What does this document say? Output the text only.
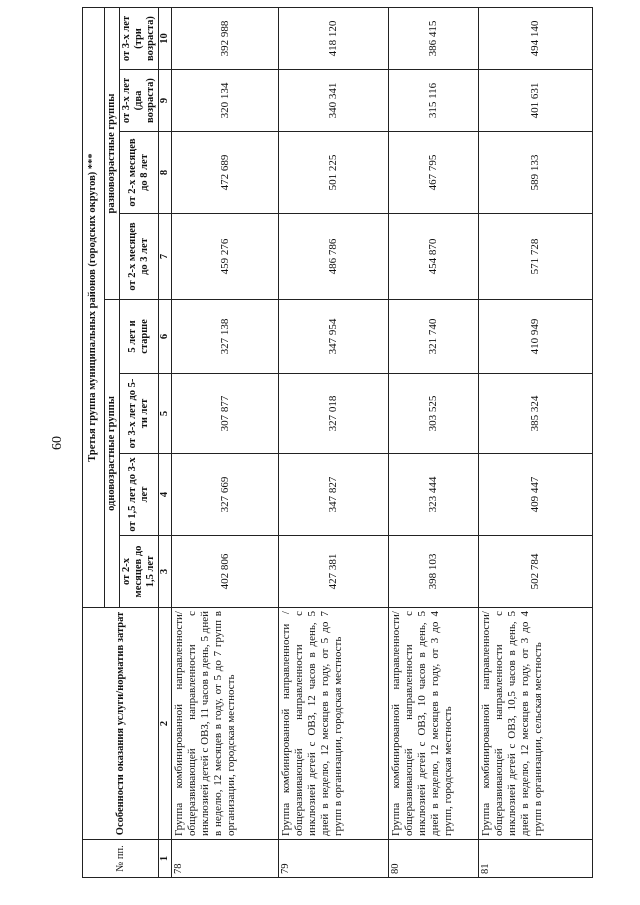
60
№ пп.	Особенности оказания услуги/норматив затрат	Третья группа муниципальных районов (городских округов) ***							
		одновозрастные группы				разновозрастные группы			
		от 2-х месяцев до 1,5 лет	от 1,5 лет до 3-х лет	от 3-х лет до 5-ти лет	5 лет и старше	от 2-х месяцев до 3 лет	от 2-х месяцев до 8 лет	от 3-х лет (два возраста)	от 3-х лет (три возраста)
1	2	3	4	5	6	7	8	9	10
78	Группа комбинированной направленности/ общеразвивающей направленности с инклюзией детей с ОВЗ, 11 часов в день, 5 дней в неделю, 12 месяцев в году, от 5 до 7 групп в организации, городская местность	402 806	327 669	307 877	327 138	459 276	472 689	320 134	392 988
79	Группа комбинированной направленности / общеразвивающей направленности с инклюзией детей с ОВЗ, 12 часов в день, 5 дней в неделю, 12 месяцев в году, от 5 до 7 групп в организации, городская местность	427 381	347 827	327 018	347 954	486 786	501 225	340 341	418 120
80	Группа комбинированной направленности/ общеразвивающей направленности с инклюзией детей с ОВЗ, 10 часов в день, 5 дней в неделю, 12 месяцев в году, от 3 до 4 групп, городская местность	398 103	323 444	303 525	321 740	454 870	467 795	315 116	386 415
81	Группа комбинированной направленности/ общеразвивающей направленности с инклюзией детей с ОВЗ, 10,5 часов в день, 5 дней в неделю, 12 месяцев в году, от 3 до 4 групп в организации, сельская местность	502 784	409 447	385 324	410 949	571 728	589 133	401 631	494 140
